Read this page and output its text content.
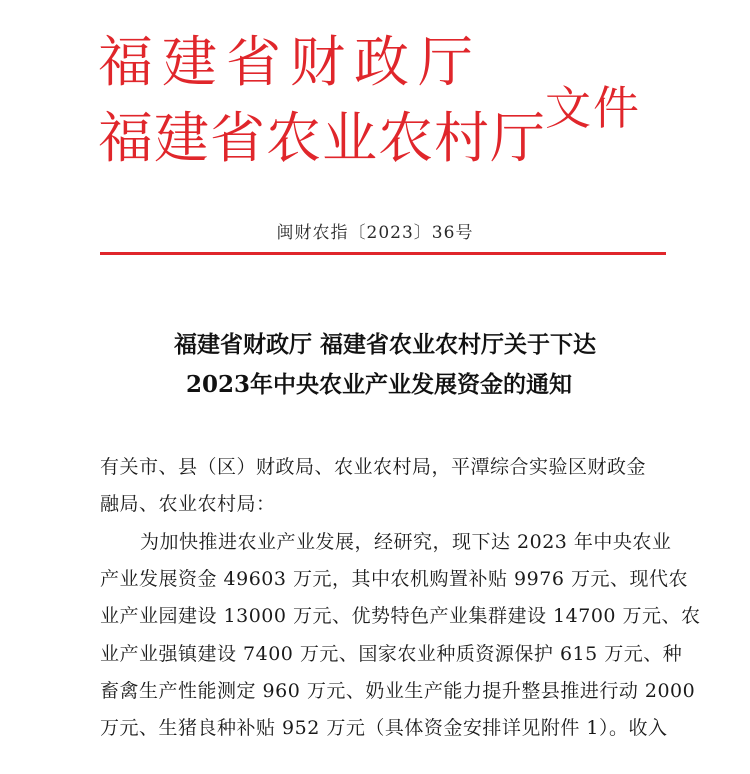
福建省财政厅
福建省农业农村厅
文件
闽财农指〔2023〕36号
福建省财政厅 福建省农业农村厅关于下达
2023年中央农业产业发展资金的通知
有关市、县（区）财政局、农业农村局，平潭综合实验区财政金
融局、农业农村局：
为加快推进农业产业发展，经研究，现下达 2023 年中央农业
产业发展资金 49603 万元，其中农机购置补贴 9976 万元、现代农
业产业园建设 13000 万元、优势特色产业集群建设 14700 万元、农
业产业强镇建设 7400 万元、国家农业种质资源保护 615 万元、种
畜禽生产性能测定 960 万元、奶业生产能力提升整县推进行动 2000
万元、生猪良种补贴 952 万元（具体资金安排详见附件 1）。收入
